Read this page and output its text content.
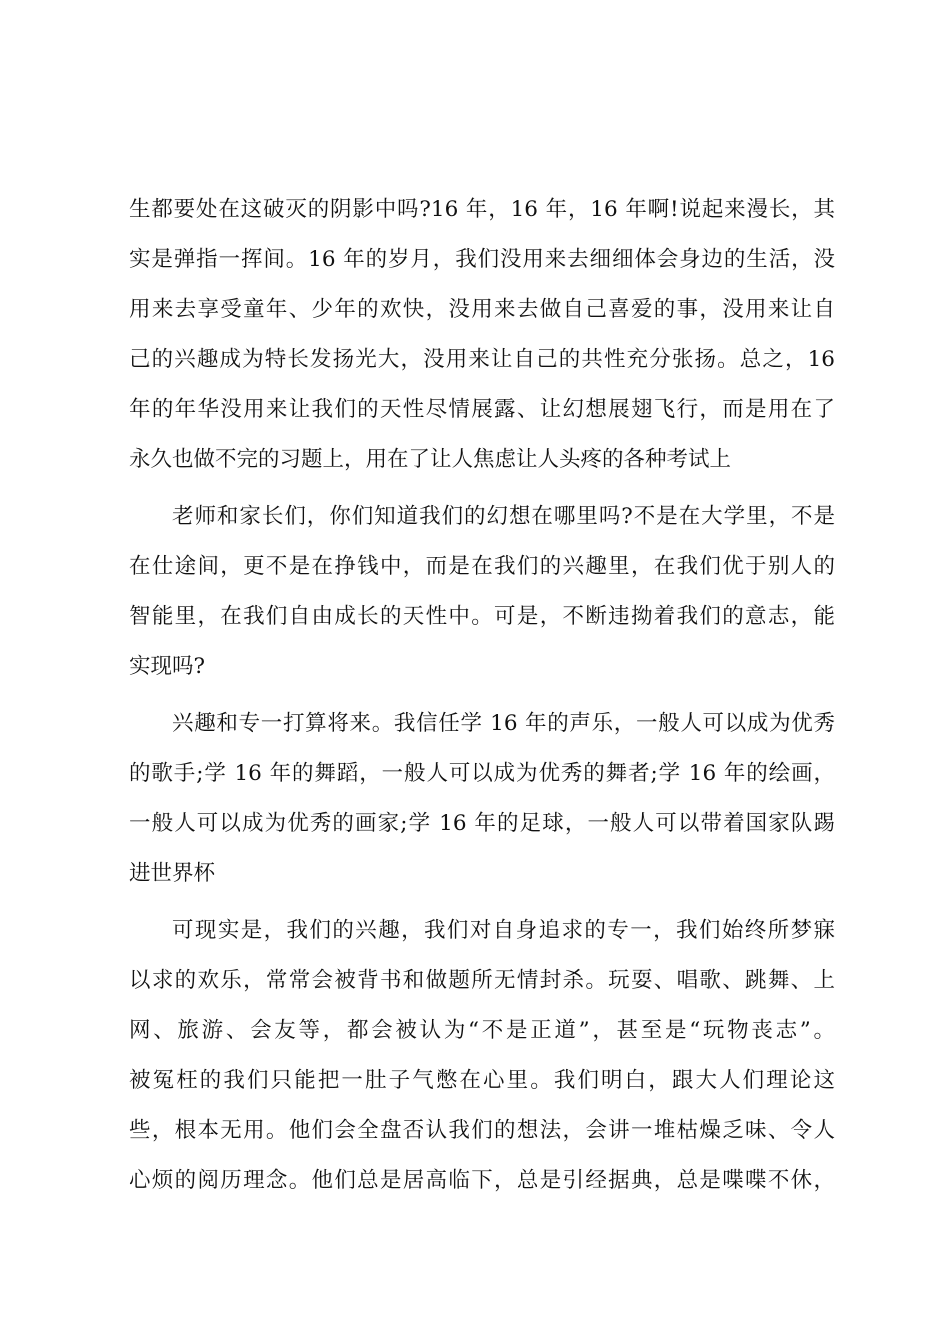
生都要处在这破灭的阴影中吗?16 年，16 年，16 年啊!说起来漫长，其
实是弹指一挥间。16 年的岁月，我们没用来去细细体会身边的生活，没
用来去享受童年、少年的欢快，没用来去做自己喜爱的事，没用来让自
己的兴趣成为特长发扬光大，没用来让自己的共性充分张扬。总之，16
年的年华没用来让我们的天性尽情展露、让幻想展翅飞行，而是用在了
永久也做不完的习题上，用在了让人焦虑让人头疼的各种考试上
老师和家长们，你们知道我们的幻想在哪里吗?不是在大学里，不是
在仕途间，更不是在挣钱中，而是在我们的兴趣里，在我们优于别人的
智能里，在我们自由成长的天性中。可是，不断违拗着我们的意志，能
实现吗?
兴趣和专一打算将来。我信任学 16 年的声乐，一般人可以成为优秀
的歌手;学 16 年的舞蹈，一般人可以成为优秀的舞者;学 16 年的绘画，
一般人可以成为优秀的画家;学 16 年的足球，一般人可以带着国家队踢
进世界杯
可现实是，我们的兴趣，我们对自身追求的专一，我们始终所梦寐
以求的欢乐，常常会被背书和做题所无情封杀。玩耍、唱歌、跳舞、上
网、旅游、会友等，都会被认为“不是正道”，甚至是“玩物丧志”。
被冤枉的我们只能把一肚子气憋在心里。我们明白，跟大人们理论这
些，根本无用。他们会全盘否认我们的想法，会讲一堆枯燥乏味、令人
心烦的阅历理念。他们总是居高临下，总是引经据典，总是喋喋不休，
